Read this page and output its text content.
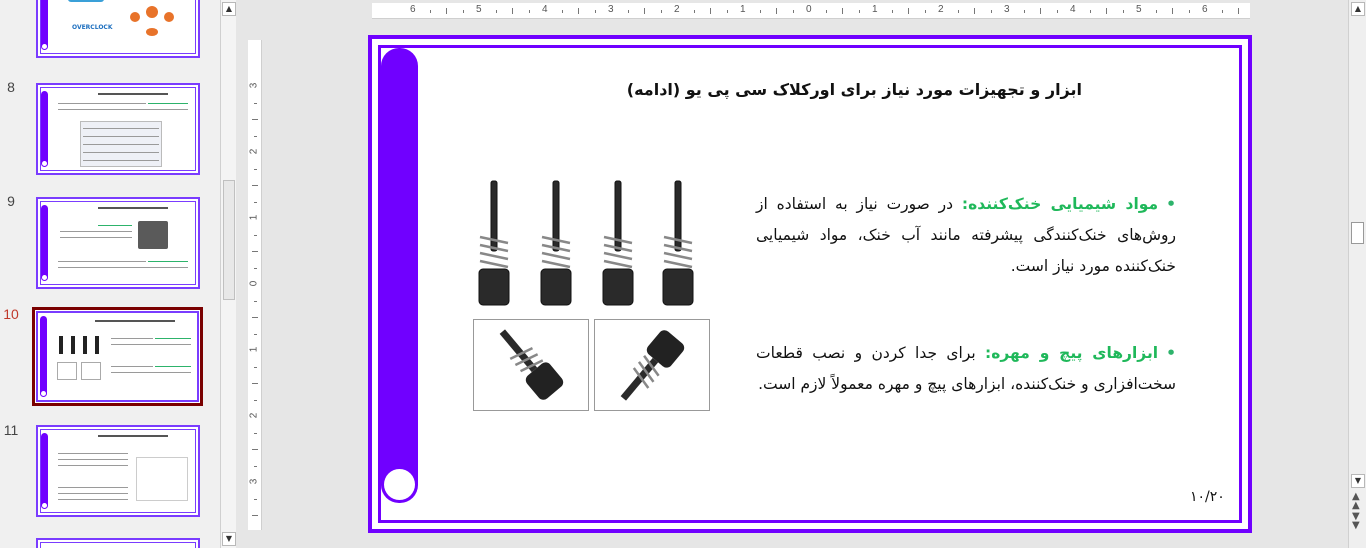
OVERCLOCK
8
9
10
11
▲
▼
6	5	4	3	2	1	0	1	2	3	4	5	6
3
2
1
0
1
2
3
▲
▼
▲
▲
▼
▼
ابزار و تجهیزات مورد نیاز برای اورکلاک سی پی یو (ادامه)
•مواد شیمیایی خنک‌کننده: در صورت نیاز به استفاده از روش‌های خنک‌کنندگی پیشرفته مانند آب خنک، مواد شیمیایی خنک‌کننده مورد نیاز است.
•ابزارهای پیچ و مهره: برای جدا کردن و نصب قطعات سخت‌افزاری و خنک‌کننده، ابزارهای پیچ و مهره معمولاً لازم است.
۱۰/۲۰
